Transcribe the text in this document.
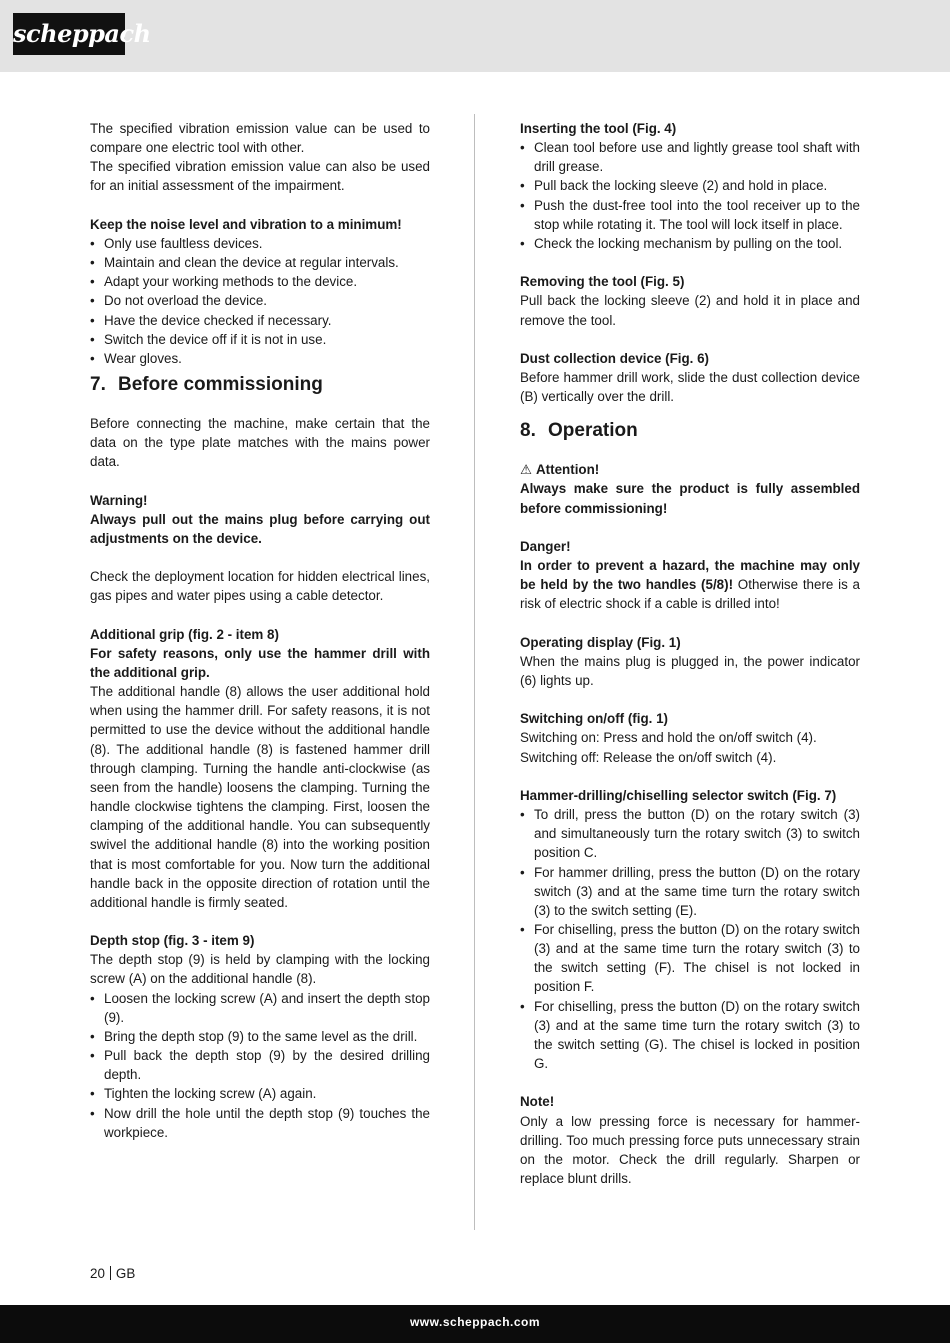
scheppach

The specified vibration emission value can be used to compare one electric tool with other.

The specified vibration emission value can also be used for an initial assessment of the impairment.

Keep the noise level and vibration to a minimum!

• Only use faultless devices.
• Maintain and clean the device at regular intervals.
• Adapt your working methods to the device.
• Do not overload the device.
• Have the device checked if necessary.
• Switch the device off if it is not in use.
• Wear gloves.
7. Before commissioning

Before connecting the machine, make certain that the data on the type plate matches with the mains power data.

Warning!

Always pull out the mains plug before carrying out adjustments on the device.

Check the deployment location for hidden electrical lines, gas pipes and water pipes using a cable detector.

Additional grip (fig. 2 - item 8)

For safety reasons, only use the hammer drill with the additional grip.

The additional handle (8) allows the user additional hold when using the hammer drill. For safety reasons, it is not permitted to use the device without the additional handle (8). The additional handle (8) is fastened hammer drill through clamping. Turning the handle anti-clockwise (as seen from the handle) loosens the clamping. Turning the handle clockwise tightens the clamping. First, loosen the clamping of the additional handle. You can subsequently swivel the additional handle (8) into the working position that is most comfortable for you. Now turn the additional handle back in the opposite direction of rotation until the additional handle is firmly seated.

Depth stop (fig. 3 - item 9)

The depth stop (9) is held by clamping with the locking screw (A) on the additional handle (8).

• Loosen the locking screw (A) and insert the depth stop (9).
• Bring the depth stop (9) to the same level as the drill.
• Pull back the depth stop (9) by the desired drilling depth.
• Tighten the locking screw (A) again.
• Now drill the hole until the depth stop (9) touches the workpiece.

Inserting the tool (Fig. 4)

• Clean tool before use and lightly grease tool shaft with drill grease.
• Pull back the locking sleeve (2) and hold in place.
• Push the dust-free tool into the tool receiver up to the stop while rotating it. The tool will lock itself in place.
• Check the locking mechanism by pulling on the tool.

Removing the tool (Fig. 5)

Pull back the locking sleeve (2) and hold it in place and remove the tool.

Dust collection device (Fig. 6)

Before hammer drill work, slide the dust collection device (B) vertically over the drill.

8. Operation

⚠ Attention!

Always make sure the product is fully assembled before commissioning!

Danger!

In order to prevent a hazard, the machine may only be held by the two handles (5/8)! Otherwise there is a risk of electric shock if a cable is drilled into!

Operating display (Fig. 1)

When the mains plug is plugged in, the power indicator (6) lights up.

Switching on/off (fig. 1)

Switching on: Press and hold the on/off switch (4).

Switching off: Release the on/off switch (4).

Hammer-drilling/chiselling selector switch (Fig. 7)

• To drill, press the button (D) on the rotary switch (3) and simultaneously turn the rotary switch (3) to switch position C.
• For hammer drilling, press the button (D) on the rotary switch (3) and at the same time turn the rotary switch (3) to the switch setting (E).
• For chiselling, press the button (D) on the rotary switch (3) and at the same time turn the rotary switch (3) to the switch setting (F). The chisel is not locked in position F.
• For chiselling, press the button (D) on the rotary switch (3) and at the same time turn the rotary switch (3) to the switch setting (G). The chisel is locked in position G.

Note!

Only a low pressing force is necessary for hammerdrilling. Too much pressing force puts unnecessary strain on the motor. Check the drill regularly. Sharpen or replace blunt drills.

20 GB
www.scheppach.com
